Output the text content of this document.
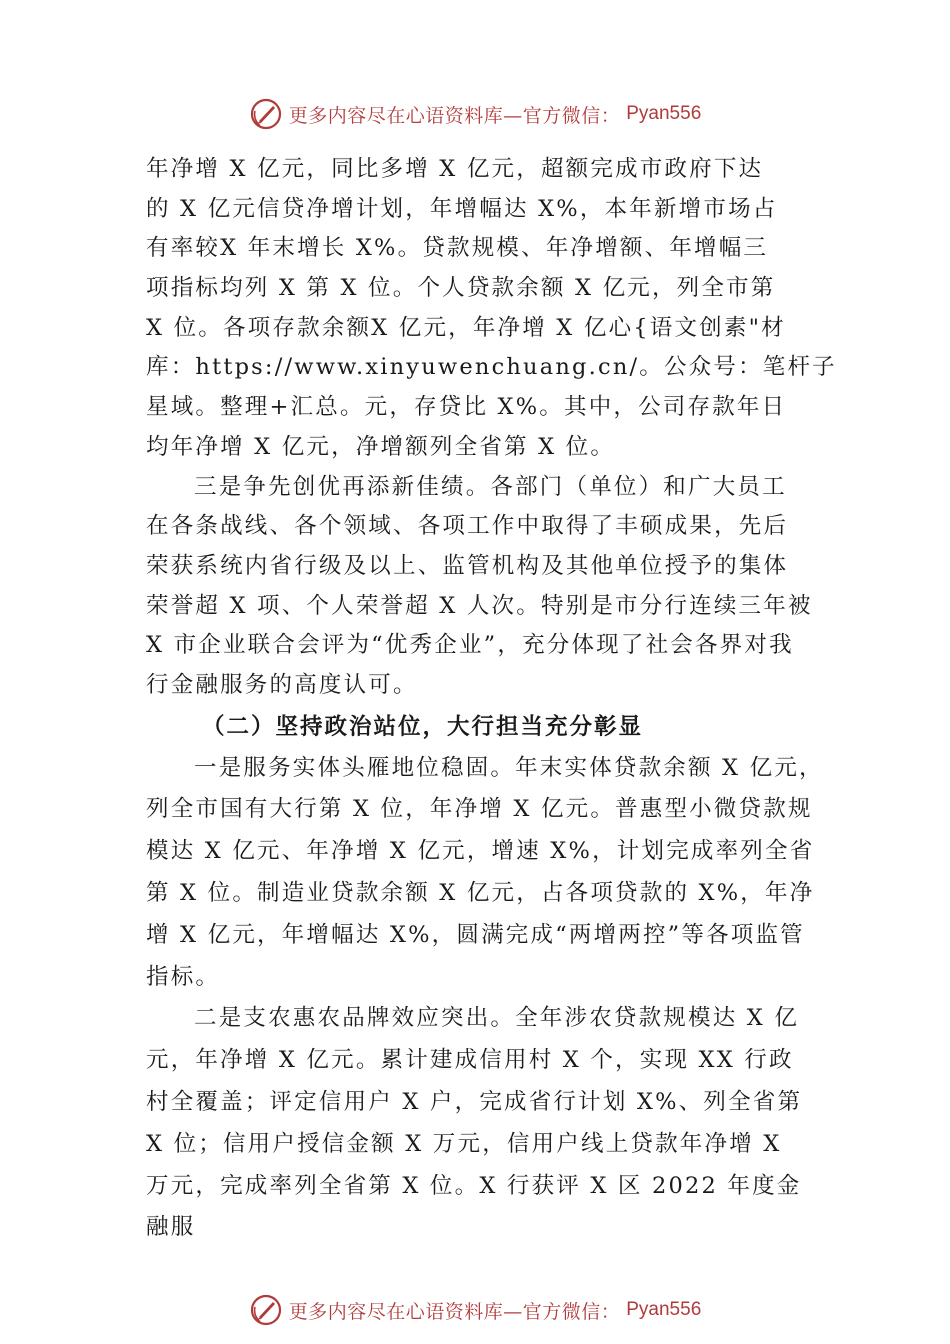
更多内容尽在心语资料库—官方微信： Pyan556
年净增 X 亿元，同比多增 X 亿元，超额完成市政府下达
的 X 亿元信贷净增计划，年增幅达 X%，本年新增市场占
有率较X 年末增长 X%。贷款规模、年净增额、年增幅三
项指标均列 X 第 X 位。个人贷款余额 X 亿元，列全市第
X 位。各项存款余额X 亿元，年净增 X 亿心{语文创素"材
库：https://www.xinyuwenchuang.cn/。公众号：笔杆子
星域。整理+汇总。元，存贷比 X%。其中，公司存款年日
均年净增 X 亿元，净增额列全省第 X 位。
三是争先创优再添新佳绩。各部门（单位）和广大员工
在各条战线、各个领域、各项工作中取得了丰硕成果，先后
荣获系统内省行级及以上、监管机构及其他单位授予的集体
荣誉超 X 项、个人荣誉超 X 人次。特别是市分行连续三年被
X 市企业联合会评为“优秀企业”，充分体现了社会各界对我
行金融服务的高度认可。
（二）坚持政治站位，大行担当充分彰显
一是服务实体头雁地位稳固。年末实体贷款余额 X 亿元，
列全市国有大行第 X 位，年净增 X 亿元。普惠型小微贷款规
模达 X 亿元、年净增 X 亿元，增速 X%，计划完成率列全省
第 X 位。制造业贷款余额 X 亿元，占各项贷款的 X%，年净
增 X 亿元，年增幅达 X%，圆满完成“两增两控”等各项监管
指标。
二是支农惠农品牌效应突出。全年涉农贷款规模达 X 亿
元，年净增 X 亿元。累计建成信用村 X 个，实现 XX 行政
村全覆盖；评定信用户 X 户，完成省行计划 X%、列全省第
X 位；信用户授信金额 X 万元，信用户线上贷款年净增 X
万元，完成率列全省第 X 位。X 行获评 X 区 2022 年度金
融服
更多内容尽在心语资料库—官方微信： Pyan556
